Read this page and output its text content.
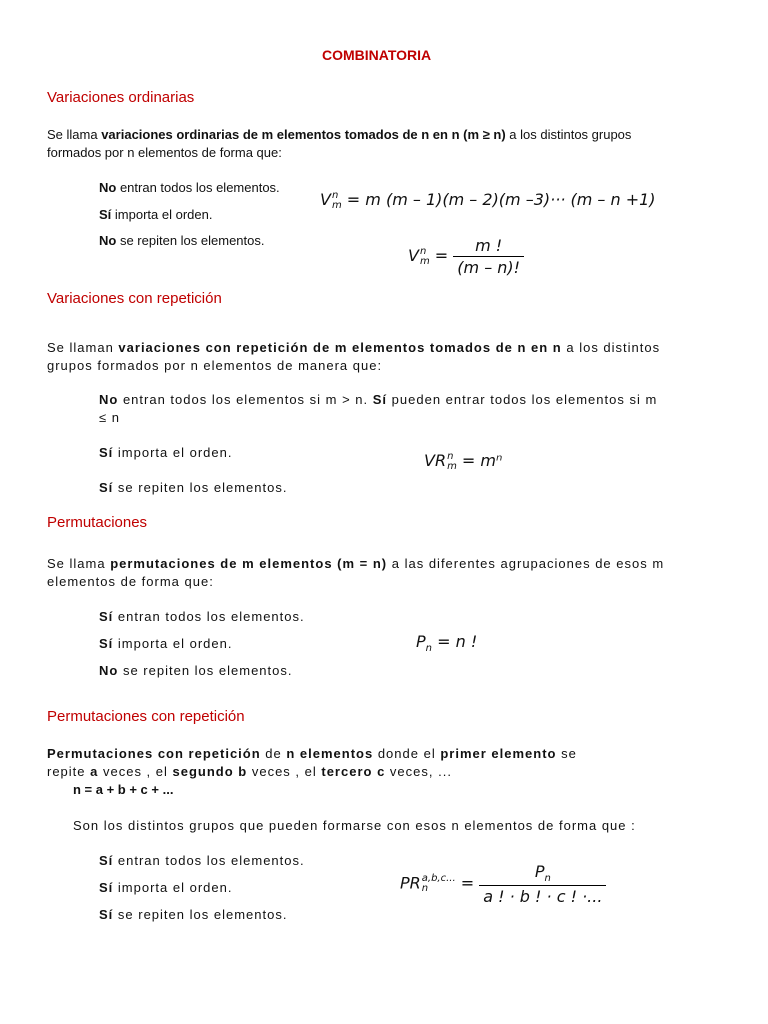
COMBINATORIA
Variaciones ordinarias
Se llama variaciones ordinarias de m elementos tomados de n en n (m ≥ n) a los distintos grupos
formados por n elementos de forma que:
No entran todos los elementos.
Sí importa el orden.
No se repiten los elementos.
V n
m = m (m – 1)(m – 2)(m –3)··· (m – n +1)
V n
$m = \frac{m !}{(m - n)!}$
Variaciones con repetición
Se llaman variaciones con repetición de m elementos tomados de n en n a los distintos
grupos formados por n elementos de manera que:
No entran todos los elementos si m > n. Sí pueden entrar todos los elementos si m
≤ n
Sí importa el orden.
Sí se repiten los elementos.
VR n
m = mⁿ
Permutaciones
Se llama permutaciones de m elementos (m = n) a las diferentes agrupaciones de esos m
elementos de forma que:
Sí entran todos los elementos.
Sí importa el orden.
No se repiten los elementos.
$P_n = n$ !
Permutaciones con repetición
Permutaciones con repetición de n elementos donde el primer elemento se
repite a veces , el segundo b veces , el tercero c veces, ...
n = a + b + c + ...
Son los distintos grupos que pueden formarse con esos n elementos de forma que :
Sí entran todos los elementos.
Sí importa el orden.
Sí se repiten los elementos.
PR a,b,c...
n	= $\frac{P_n}{a ! \cdot b ! \cdot c ! \cdot...}$
